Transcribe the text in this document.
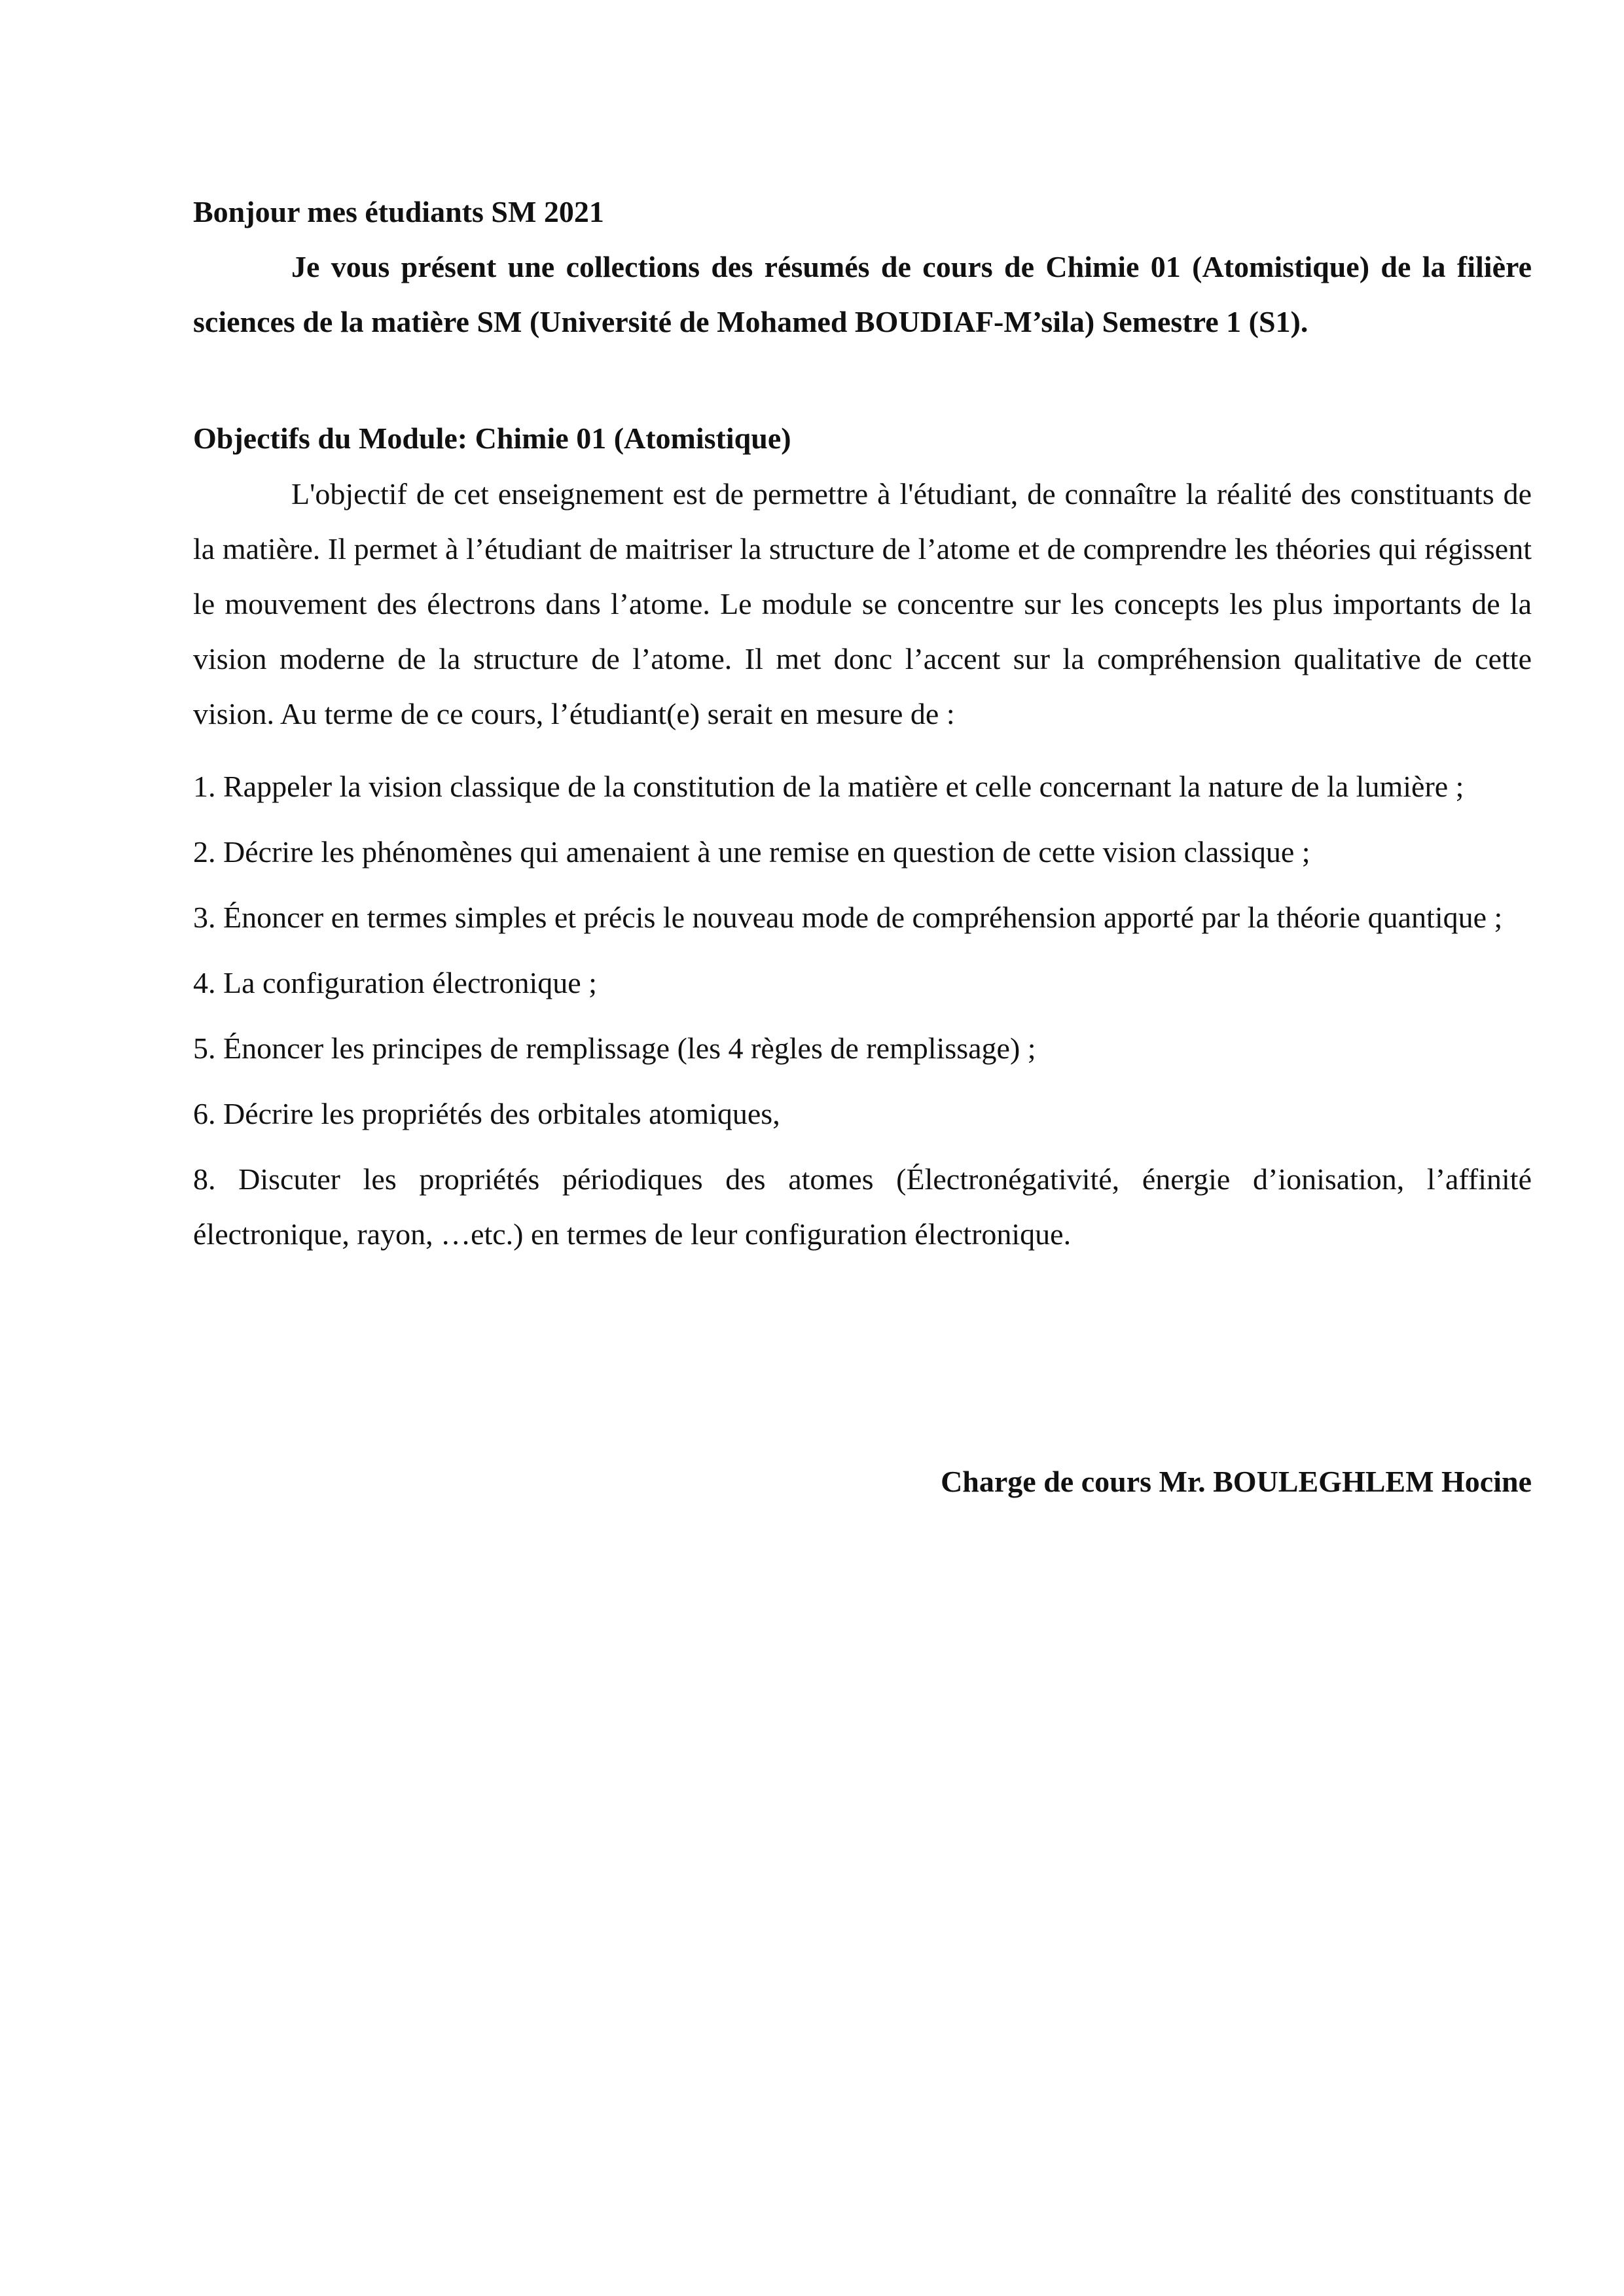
Bonjour mes étudiants SM 2021

Je vous présent une collections des résumés de cours de Chimie 01 (Atomistique) de la filière sciences de la matière SM (Université de Mohamed BOUDIAF-M’sila) Semestre 1 (S1).

Objectifs du Module: Chimie 01 (Atomistique)

L'objectif de cet enseignement est de permettre à l'étudiant, de connaître la réalité des constituants de la matière. Il permet à l’étudiant de maitriser la structure de l’atome et de comprendre les théories qui régissent le mouvement des électrons dans l’atome. Le module se concentre sur les concepts les plus importants de la vision moderne de la structure de l’atome. Il met donc l’accent sur la compréhension qualitative de cette vision. Au terme de ce cours, l’étudiant(e) serait en mesure de :

1. Rappeler la vision classique de la constitution de la matière et celle concernant la nature de la lumière ;
2. Décrire les phénomènes qui amenaient à une remise en question de cette vision classique ;
3. Énoncer en termes simples et précis le nouveau mode de compréhension apporté par la théorie quantique ;
4. La configuration électronique ;
5. Énoncer les principes de remplissage (les 4 règles de remplissage) ;
6. Décrire les propriétés des orbitales atomiques,
8. Discuter les propriétés périodiques des atomes (Électronégativité, énergie d’ionisation, l’affinité électronique, rayon, …etc.) en termes de leur configuration électronique.

Charge de cours Mr. BOULEGHLEM Hocine
